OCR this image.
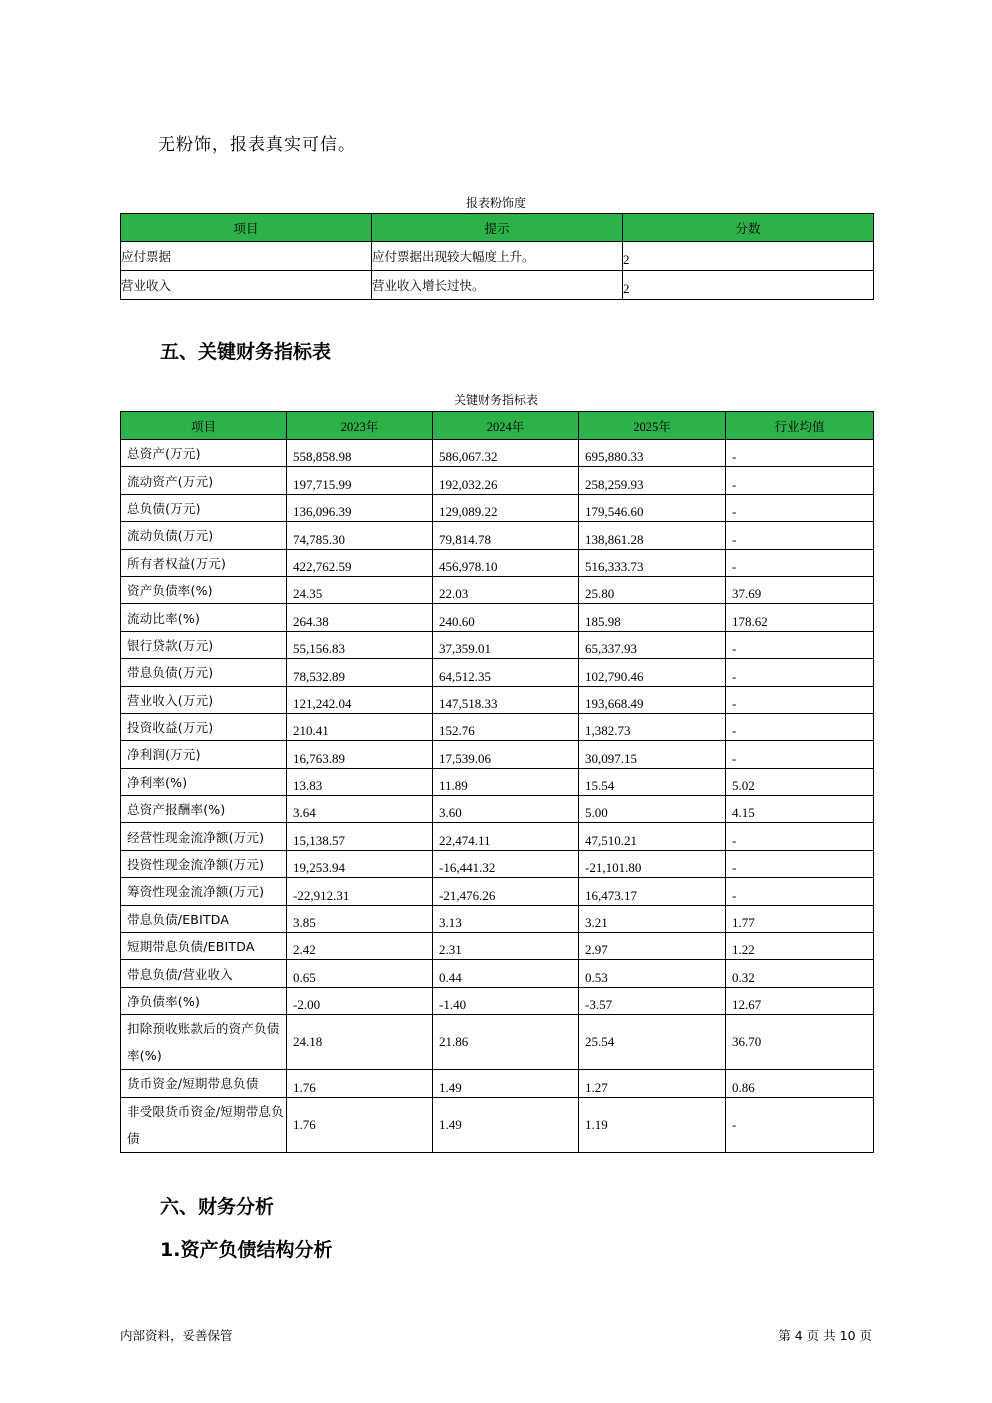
无粉饰，报表真实可信。
报表粉饰度
项目	提示	分数
应付票据	应付票据出现较大幅度上升。	2
营业收入	营业收入增长过快。	2
五、关键财务指标表
关键财务指标表
项目	2023年	2024年	2025年	行业均值
总资产(万元)	558,858.98	586,067.32	695,880.33	-
流动资产(万元)	197,715.99	192,032.26	258,259.93	-
总负债(万元)	136,096.39	129,089.22	179,546.60	-
流动负债(万元)	74,785.30	79,814.78	138,861.28	-
所有者权益(万元)	422,762.59	456,978.10	516,333.73	-
资产负债率(%)	24.35	22.03	25.80	37.69
流动比率(%)	264.38	240.60	185.98	178.62
银行贷款(万元)	55,156.83	37,359.01	65,337.93	-
带息负债(万元)	78,532.89	64,512.35	102,790.46	-
营业收入(万元)	121,242.04	147,518.33	193,668.49	-
投资收益(万元)	210.41	152.76	1,382.73	-
净利润(万元)	16,763.89	17,539.06	30,097.15	-
净利率(%)	13.83	11.89	15.54	5.02
总资产报酬率(%)	3.64	3.60	5.00	4.15
经营性现金流净额(万元)	15,138.57	22,474.11	47,510.21	-
投资性现金流净额(万元)	19,253.94	-16,441.32	-21,101.80	-
筹资性现金流净额(万元)	-22,912.31	-21,476.26	16,473.17	-
带息负债/EBITDA	3.85	3.13	3.21	1.77
短期带息负债/EBITDA	2.42	2.31	2.97	1.22
带息负债/营业收入	0.65	0.44	0.53	0.32
净负债率(%)	-2.00	-1.40	-3.57	12.67

扣除预收账款后的资产负债率(%)	24.18	21.86	25.54	36.70
货币资金/短期带息负债	1.76	1.49	1.27	0.86

非受限货币资金/短期带息负债	1.76	1.49	1.19	-
六、财务分析
1.资产负债结构分析
内部资料，妥善保管	第 4 页 共 10 页
